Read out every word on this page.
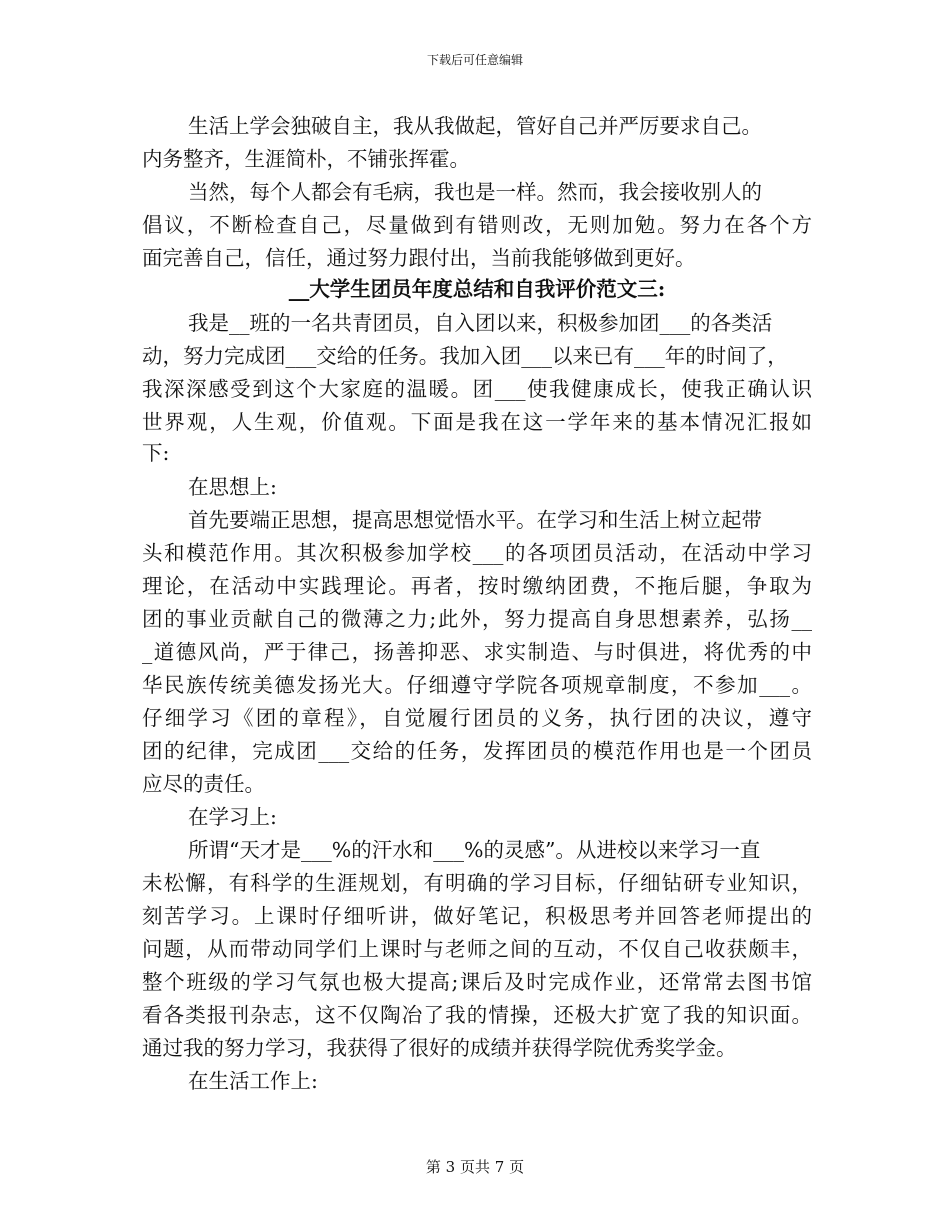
下载后可任意编辑
生活上学会独破自主，我从我做起，管好自己并严厉要求自己。
内务整齐，生涯简朴，不铺张挥霍。
当然，每个人都会有毛病，我也是一样。然而，我会接收别人的
倡议，不断检查自己，尽量做到有错则改，无则加勉。努力在各个方
面完善自己，信任，通过努力跟付出，当前我能够做到更好。
__大学生团员年度总结和自我评价范文三:
我是__班的一名共青团员，自入团以来，积极参加团___的各类活
动，努力完成团___交给的任务。我加入团___以来已有___年的时间了，
我深深感受到这个大家庭的温暖。团___使我健康成长，使我正确认识
世界观，人生观，价值观。下面是我在这一学年来的基本情况汇报如
下:
在思想上:
首先要端正思想，提高思想觉悟水平。在学习和生活上树立起带
头和模范作用。其次积极参加学校___的各项团员活动，在活动中学习
理论，在活动中实践理论。再者，按时缴纳团费，不拖后腿，争取为
团的事业贡献自己的微薄之力;此外，努力提高自身思想素养，弘扬__
_道德风尚，严于律己，扬善抑恶、求实制造、与时俱进，将优秀的中
华民族传统美德发扬光大。仔细遵守学院各项规章制度，不参加___。
仔细学习《团的章程》，自觉履行团员的义务，执行团的决议，遵守
团的纪律，完成团___交给的任务，发挥团员的模范作用也是一个团员
应尽的责任。
在学习上:
所谓“天才是___%的汗水和___%的灵感”。从进校以来学习一直
未松懈，有科学的生涯规划，有明确的学习目标，仔细钻研专业知识，
刻苦学习。上课时仔细听讲，做好笔记，积极思考并回答老师提出的
问题，从而带动同学们上课时与老师之间的互动，不仅自己收获颇丰，
整个班级的学习气氛也极大提高;课后及时完成作业，还常常去图书馆
看各类报刊杂志，这不仅陶冶了我的情操，还极大扩宽了我的知识面。
通过我的努力学习，我获得了很好的成绩并获得学院优秀奖学金。
在生活工作上:
第 3 页共 7 页
